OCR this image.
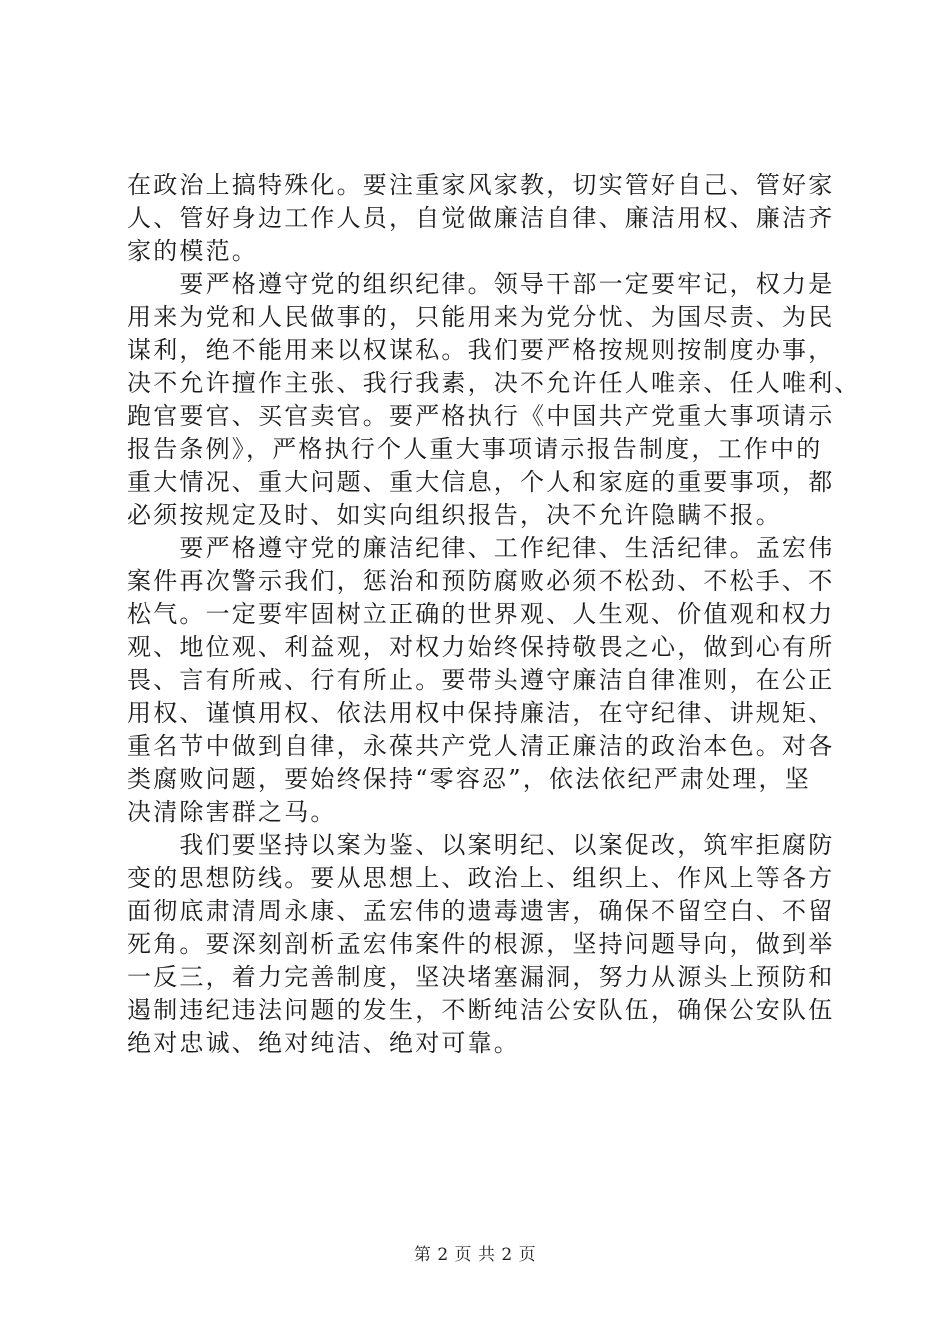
在政治上搞特殊化。要注重家风家教，切实管好自己、管好家
人、管好身边工作人员，自觉做廉洁自律、廉洁用权、廉洁齐
家的模范。
　　要严格遵守党的组织纪律。领导干部一定要牢记，权力是
用来为党和人民做事的，只能用来为党分忧、为国尽责、为民
谋利，绝不能用来以权谋私。我们要严格按规则按制度办事，
决不允许擅作主张、我行我素，决不允许任人唯亲、任人唯利、
跑官要官、买官卖官。要严格执行《中国共产党重大事项请示
报告条例》，严格执行个人重大事项请示报告制度，工作中的
重大情况、重大问题、重大信息，个人和家庭的重要事项，都
必须按规定及时、如实向组织报告，决不允许隐瞒不报。
　　要严格遵守党的廉洁纪律、工作纪律、生活纪律。孟宏伟
案件再次警示我们，惩治和预防腐败必须不松劲、不松手、不
松气。一定要牢固树立正确的世界观、人生观、价值观和权力
观、地位观、利益观，对权力始终保持敬畏之心，做到心有所
畏、言有所戒、行有所止。要带头遵守廉洁自律准则，在公正
用权、谨慎用权、依法用权中保持廉洁，在守纪律、讲规矩、
重名节中做到自律，永葆共产党人清正廉洁的政治本色。对各
类腐败问题，要始终保持“零容忍”，依法依纪严肃处理，坚
决清除害群之马。
　　我们要坚持以案为鉴、以案明纪、以案促改，筑牢拒腐防
变的思想防线。要从思想上、政治上、组织上、作风上等各方
面彻底肃清周永康、孟宏伟的遗毒遗害，确保不留空白、不留
死角。要深刻剖析孟宏伟案件的根源，坚持问题导向，做到举
一反三，着力完善制度，坚决堵塞漏洞，努力从源头上预防和
遏制违纪违法问题的发生，不断纯洁公安队伍，确保公安队伍
绝对忠诚、绝对纯洁、绝对可靠。
第 2 页 共 2 页
